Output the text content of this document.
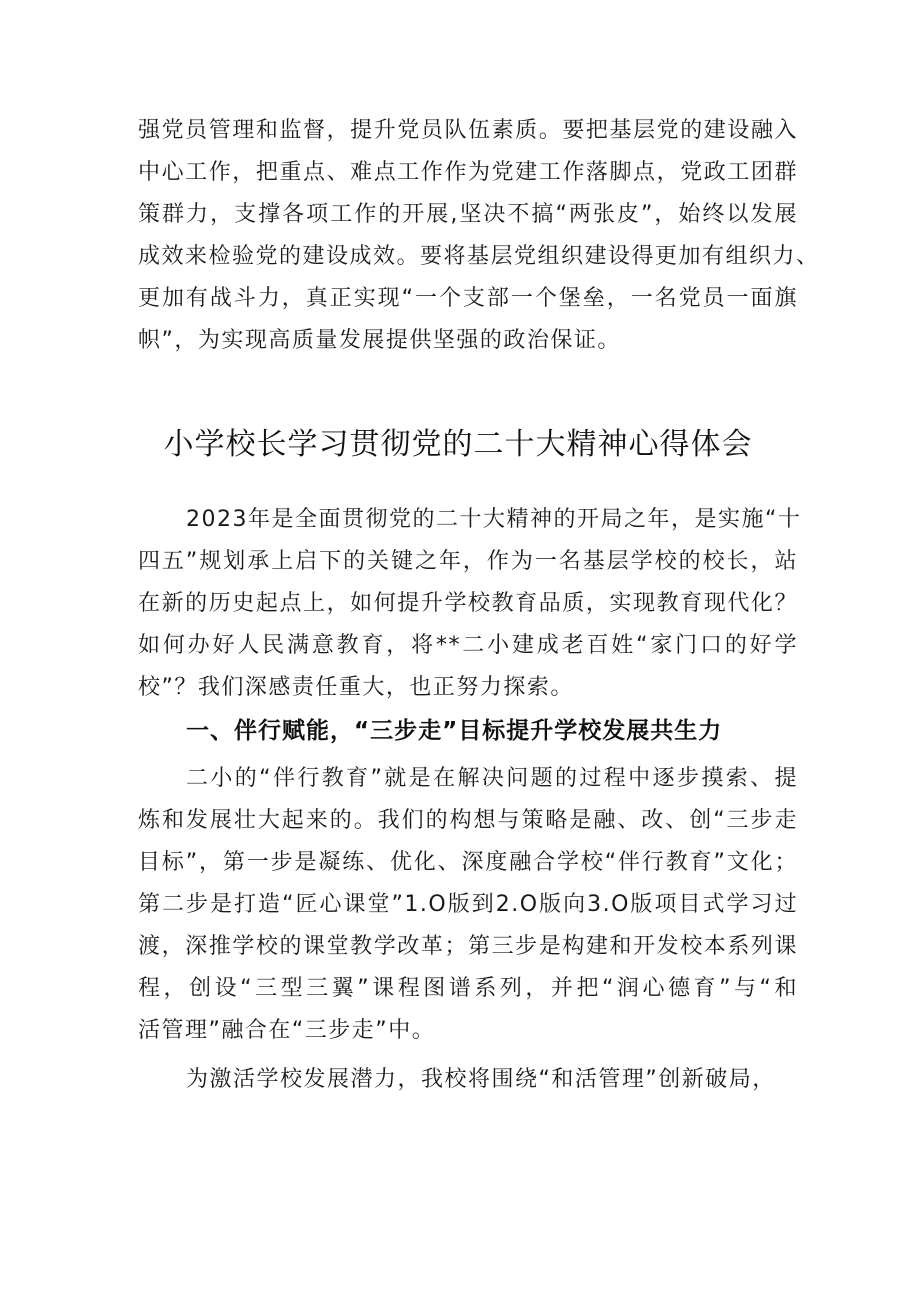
强党员管理和监督，提升党员队伍素质。要把基层党的建设融入
中心工作，把重点、难点工作作为党建工作落脚点，党政工团群
策群力，支撑各项工作的开展,坚决不搞“两张皮”，始终以发展
成效来检验党的建设成效。要将基层党组织建设得更加有组织力、
更加有战斗力，真正实现“一个支部一个堡垒，一名党员一面旗
帜”，为实现高质量发展提供坚强的政治保证。
小学校长学习贯彻党的二十大精神心得体会
2023年是全面贯彻党的二十大精神的开局之年，是实施“十
四五”规划承上启下的关键之年，作为一名基层学校的校长，站
在新的历史起点上，如何提升学校教育品质，实现教育现代化？
如何办好人民满意教育，将**二小建成老百姓“家门口的好学
校”？我们深感责任重大，也正努力探索。
一、伴行赋能，“三步走”目标提升学校发展共生力
二小的“伴行教育”就是在解决问题的过程中逐步摸索、提
炼和发展壮大起来的。我们的构想与策略是融、改、创“三步走
目标”，第一步是凝练、优化、深度融合学校“伴行教育”文化；
第二步是打造“匠心课堂”1.O版到2.O版向3.O版项目式学习过
渡，深推学校的课堂教学改革；第三步是构建和开发校本系列课
程，创设“三型三翼”课程图谱系列，并把“润心德育”与“和
活管理”融合在“三步走”中。
为激活学校发展潜力，我校将围绕“和活管理”创新破局，
